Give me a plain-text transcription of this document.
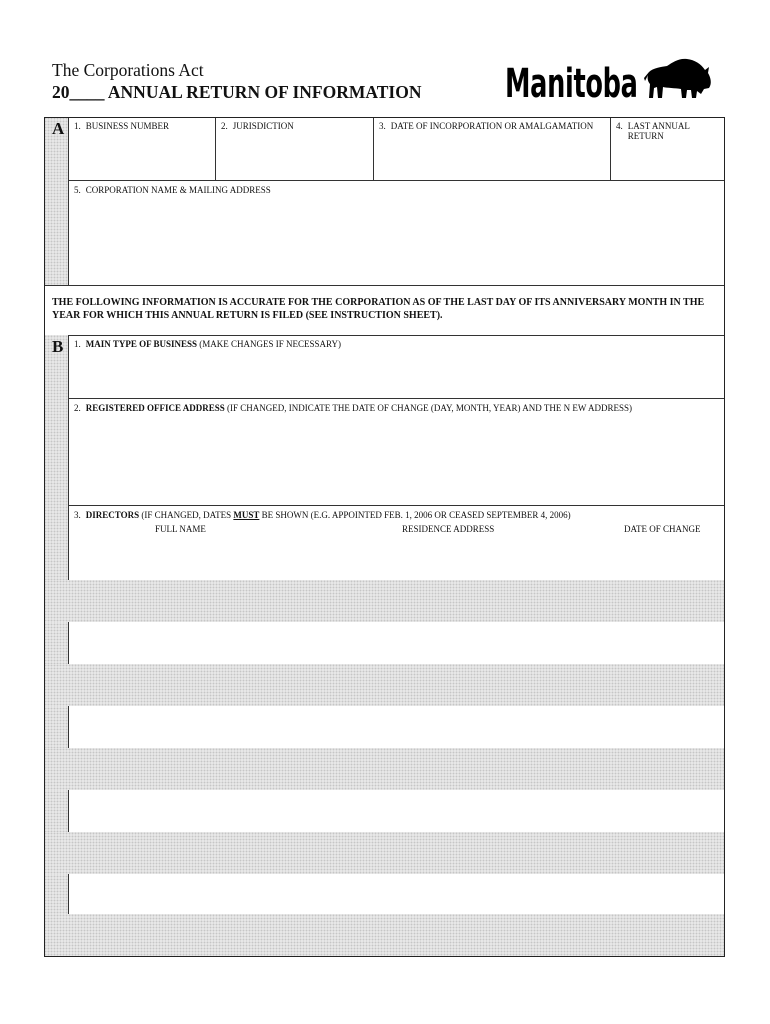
The Corporations Act
20____ ANNUAL RETURN OF INFORMATION Manitoba
A 1. BUSINESS NUMBER	2. JURISDICTION	3. DATE OF INCORPORATION OR AMALGAMATION	4. LAST ANNUAL RETURN
5. CORPORATION NAME & MAILING ADDRESS
THE FOLLOWING INFORMATION IS ACCURATE FOR THE CORPORATION AS OF THE LAST DAY OF ITS ANNIVERSARY MONTH IN THE YEAR FOR WHICH THIS ANNUAL RETURN IS FILED (SEE INSTRUCTION SHEET).
B 1. MAIN TYPE OF BUSINESS (MAKE CHANGES IF NECESSARY)
2. REGISTERED OFFICE ADDRESS (IF CHANGED, INDICATE THE DATE OF CHANGE (DAY, MONTH, YEAR) AND THE N EW ADDRESS)
3. DIRECTORS (IF CHANGED, DATES MUST BE SHOWN (E.G. APPOINTED FEB. 1, 2006 OR CEASED SEPTEMBER 4, 2006)
FULL NAME	RESIDENCE ADDRESS	DATE OF CHANGE
